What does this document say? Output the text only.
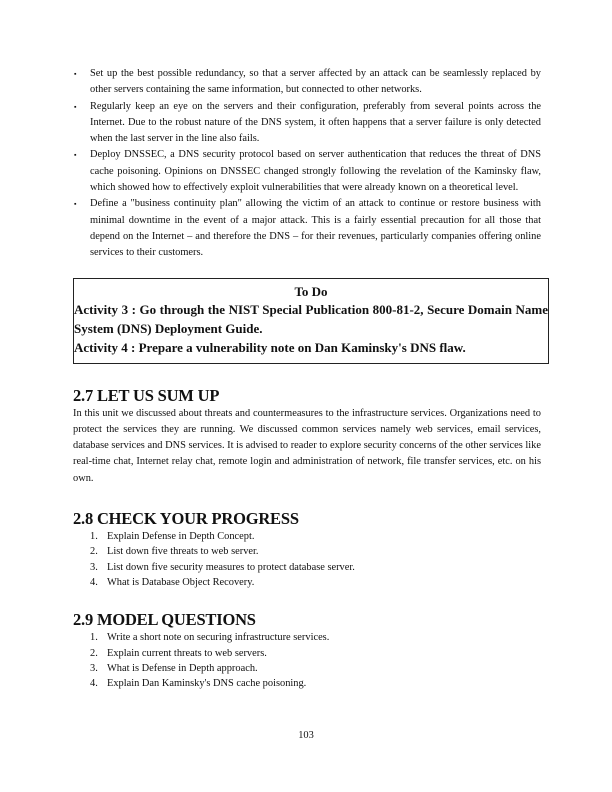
▪ Set up the best possible redundancy, so that a server affected by an attack can be seamlessly replaced by other servers containing the same information, but connected to other networks.
▪ Regularly keep an eye on the servers and their configuration, preferably from several points across the Internet. Due to the robust nature of the DNS system, it often happens that a server failure is only detected when the last server in the line also fails.
▪ Deploy DNSSEC, a DNS security protocol based on server authentication that reduces the threat of DNS cache poisoning. Opinions on DNSSEC changed strongly following the revelation of the Kaminsky flaw, which showed how to effectively exploit vulnerabilities that were already known on a theoretical level.
▪ Define a "business continuity plan" allowing the victim of an attack to continue or restore business with minimal downtime in the event of a major attack. This is a fairly essential precaution for all those that depend on the Internet – and therefore the DNS – for their revenues, particularly companies offering online services to their customers.
To Do
Activity 3 : Go through the NIST Special Publication 800-81-2, Secure Domain Name System (DNS) Deployment Guide.
Activity 4 : Prepare a vulnerability note on Dan Kaminsky's DNS flaw.
2.7 LET US SUM UP

In this unit we discussed about threats and countermeasures to the infrastructure services. Organizations need to protect the services they are running. We discussed common services namely web services, email services, database services and DNS services. It is advised to reader to explore security concerns of the other services like real-time chat, Internet relay chat, remote login and administration of network, file transfer services, etc. on his own.

2.8 CHECK YOUR PROGRESS
1. Explain Defense in Depth Concept.
2. List down five threats to web server.
3. List down five security measures to protect database server.
4. What is Database Object Recovery.
2.9 MODEL QUESTIONS
1. Write a short note on securing infrastructure services.
2. Explain current threats to web servers.
3. What is Defense in Depth approach.
4. Explain Dan Kaminsky's DNS cache poisoning.
103
